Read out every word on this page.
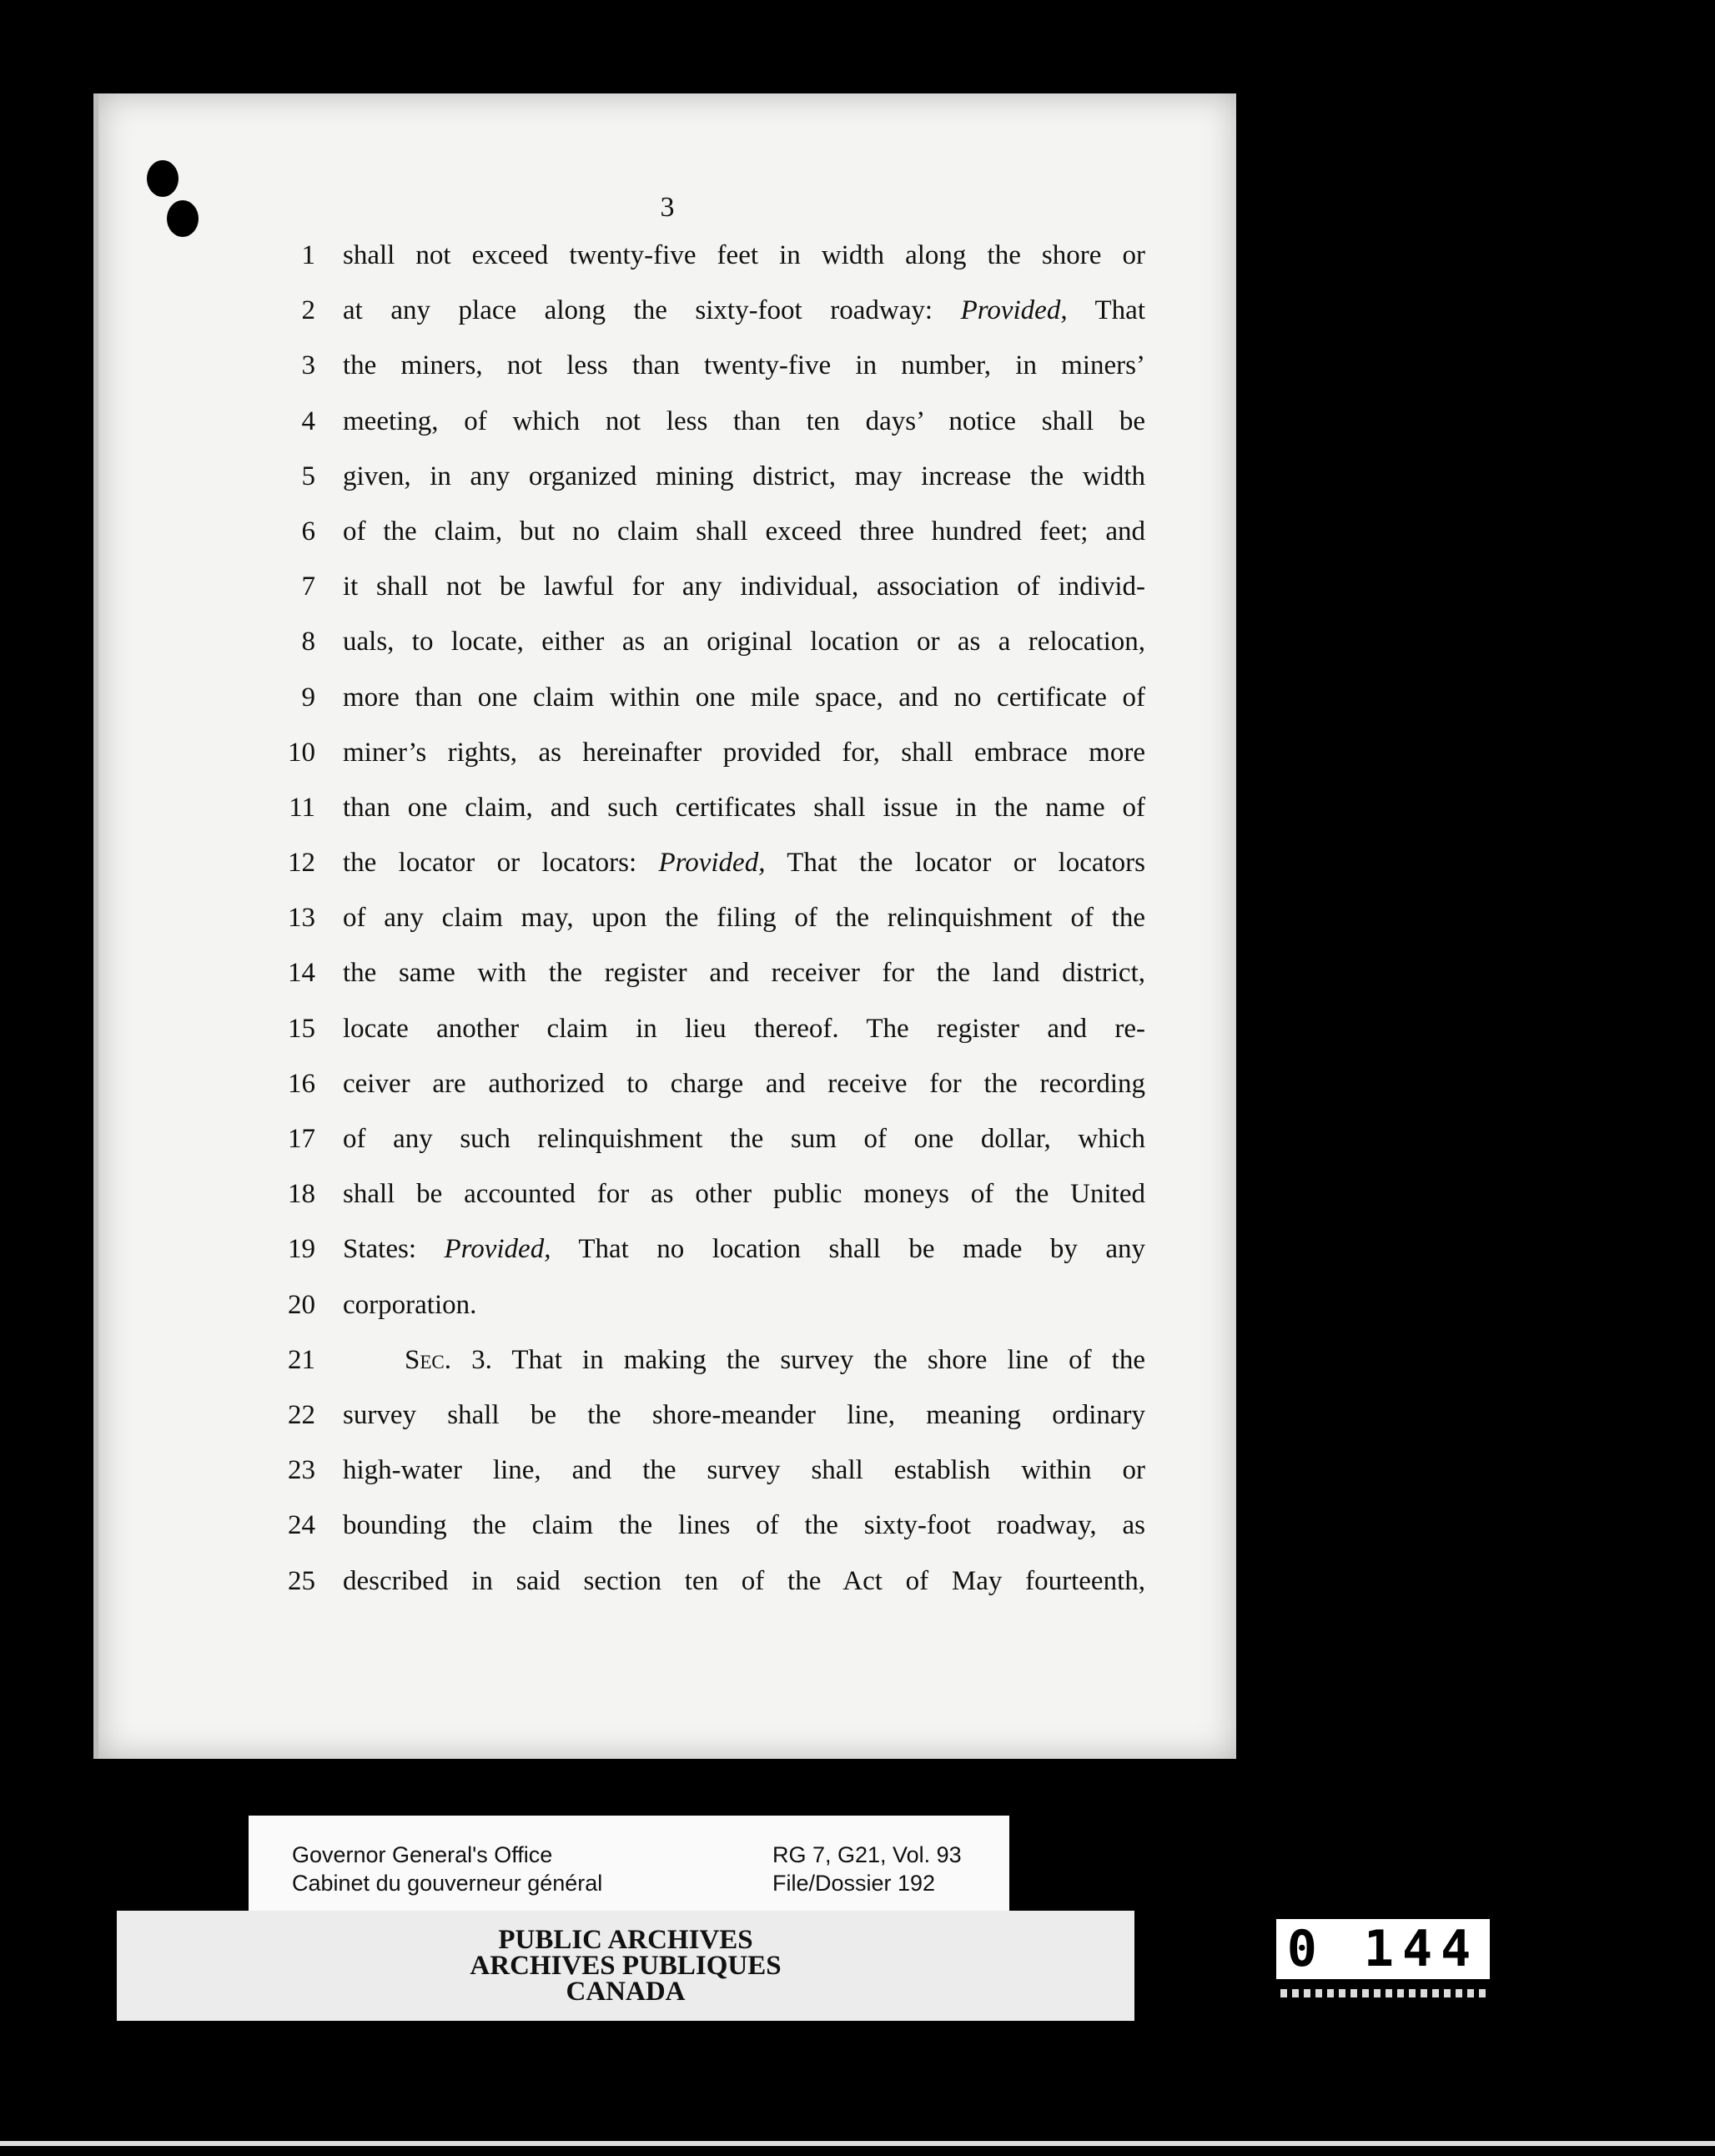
3
1 shall not exceed twenty-five feet in width along the shore or
2 at any place along the sixty-foot roadway: Provided, That
3 the miners, not less than twenty-five in number, in miners’
4 meeting, of which not less than ten days’ notice shall be
5 given, in any organized mining district, may increase the width
6 of the claim, but no claim shall exceed three hundred feet; and
7 it shall not be lawful for any individual, association of individ-
8 uals, to locate, either as an original location or as a relocation,
9 more than one claim within one mile space, and no certificate of
10 miner’s rights, as hereinafter provided for, shall embrace more
11 than one claim, and such certificates shall issue in the name of
12 the locator or locators: Provided, That the locator or locators
13 of any claim may, upon the filing of the relinquishment of the
14 the same with the register and receiver for the land district,
15 locate another claim in lieu thereof. The register and re-
16 ceiver are authorized to charge and receive for the recording
17 of any such relinquishment the sum of one dollar, which
18 shall be accounted for as other public moneys of the United
19 States: Provided, That no location shall be made by any
20 corporation.
21	Sec. 3. That in making the survey the shore line of the
22 survey shall be the shore-meander line, meaning ordinary
23 high-water line, and the survey shall establish within or
24 bounding the claim the lines of the sixty-foot roadway, as
25 described in said section ten of the Act of May fourteenth,
Governor General's Office
Cabinet du gouverneur général
RG 7, G21, Vol. 93
File/Dossier 192
PUBLIC ARCHIVES
ARCHIVES PUBLIQUES
CANADA
0 144
